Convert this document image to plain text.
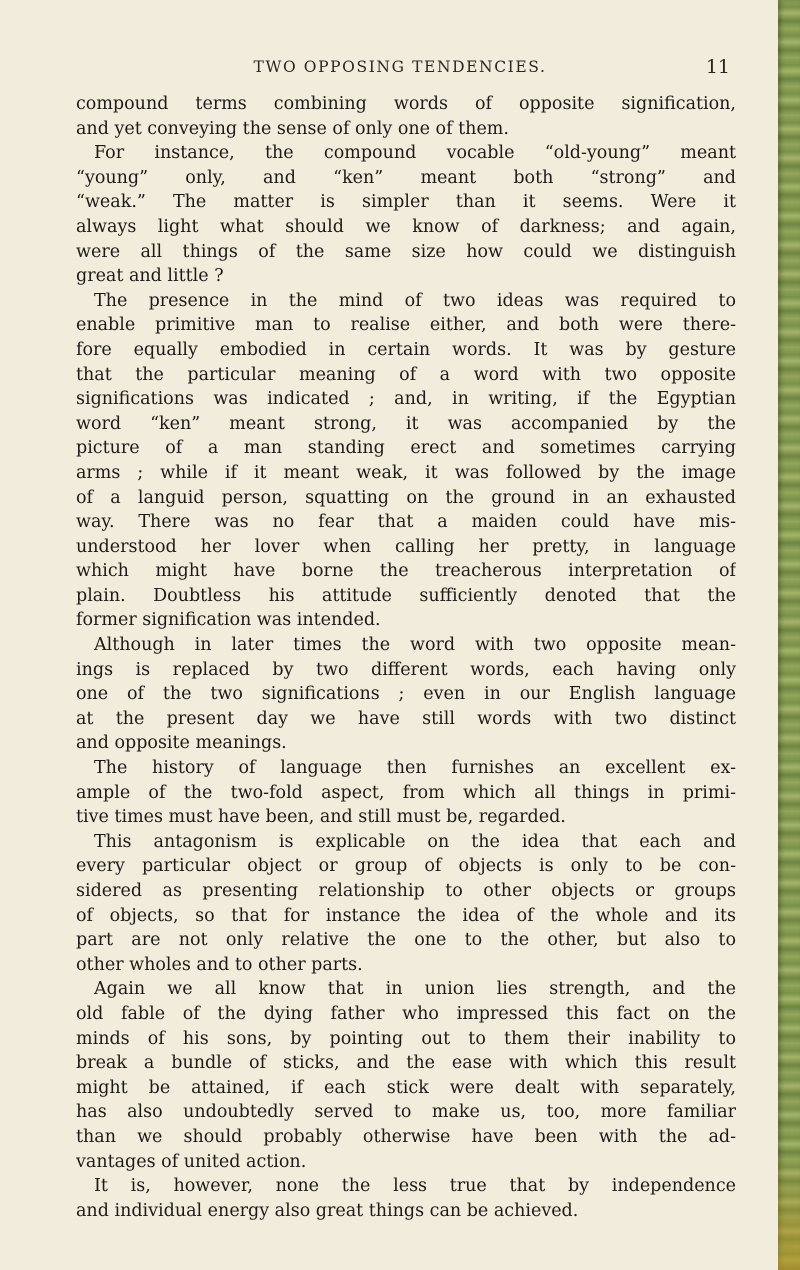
TWO OPPOSING TENDENCIES.	11
compound terms combining words of opposite signification,
and yet conveying the sense of only one of them.
For instance, the compound vocable “old-young” meant
“young” only, and “ken” meant both “strong” and
“weak.” The matter is simpler than it seems. Were it
always light what should we know of darkness; and again,
were all things of the same size how could we distinguish
great and little ?
The presence in the mind of two ideas was required to
enable primitive man to realise either, and both were there-
fore equally embodied in certain words. It was by gesture
that the particular meaning of a word with two opposite
significations was indicated ; and, in writing, if the Egyptian
word “ken” meant strong, it was accompanied by the
picture of a man standing erect and sometimes carrying
arms ; while if it meant weak, it was followed by the image
of a languid person, squatting on the ground in an exhausted
way. There was no fear that a maiden could have mis-
understood her lover when calling her pretty, in language
which might have borne the treacherous interpretation of
plain. Doubtless his attitude sufficiently denoted that the
former signification was intended.
Although in later times the word with two opposite mean-
ings is replaced by two different words, each having only
one of the two significations ; even in our English language
at the present day we have still words with two distinct
and opposite meanings.
The history of language then furnishes an excellent ex-
ample of the two-fold aspect, from which all things in primi-
tive times must have been, and still must be, regarded.
This antagonism is explicable on the idea that each and
every particular object or group of objects is only to be con-
sidered as presenting relationship to other objects or groups
of objects, so that for instance the idea of the whole and its
part are not only relative the one to the other, but also to
other wholes and to other parts.
Again we all know that in union lies strength, and the
old fable of the dying father who impressed this fact on the
minds of his sons, by pointing out to them their inability to
break a bundle of sticks, and the ease with which this result
might be attained, if each stick were dealt with separately,
has also undoubtedly served to make us, too, more familiar
than we should probably otherwise have been with the ad-
vantages of united action.
It is, however, none the less true that by independence
and individual energy also great things can be achieved.
